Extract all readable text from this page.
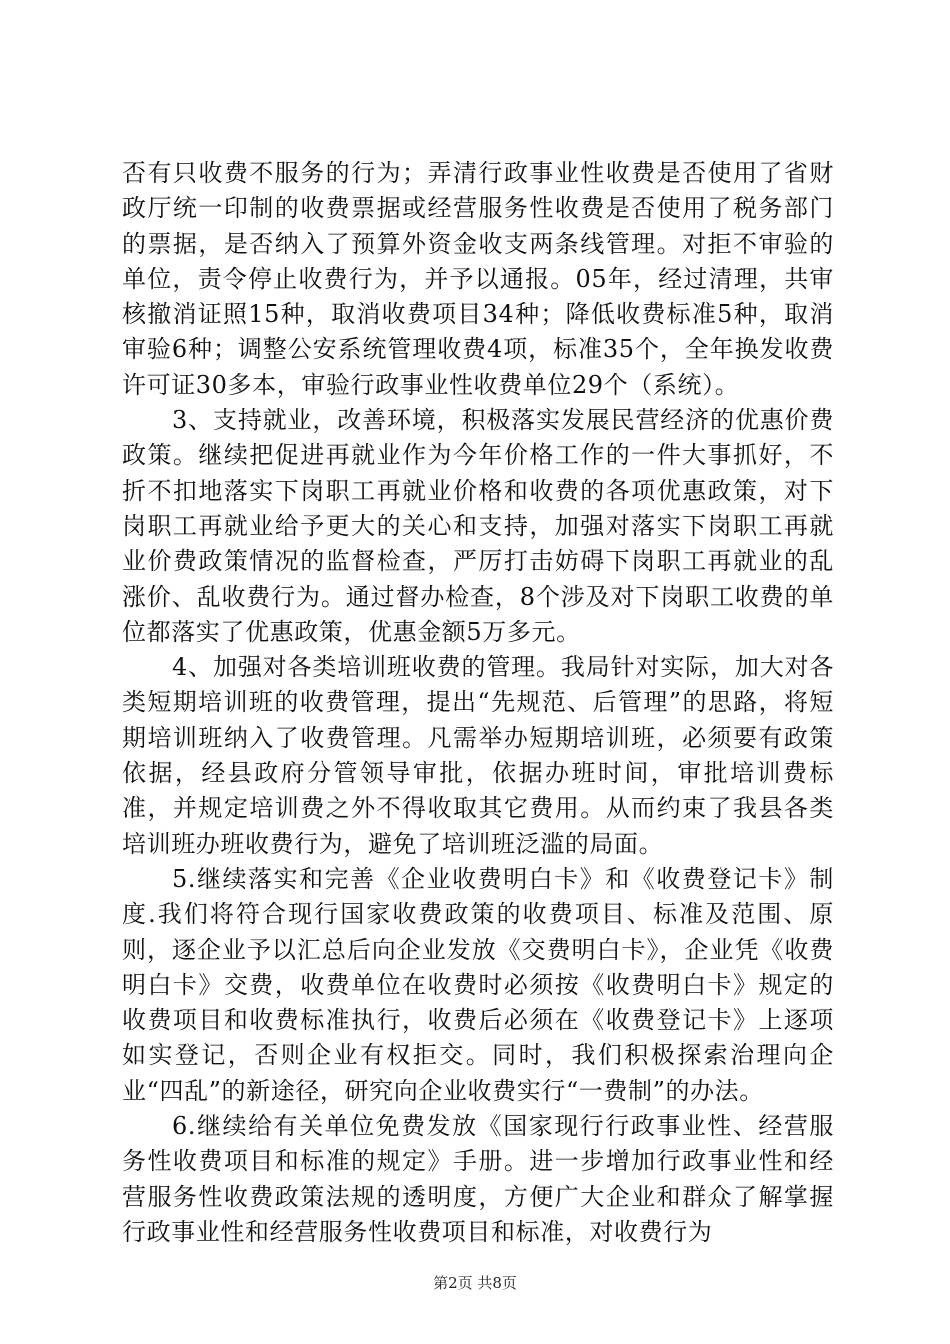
否有只收费不服务的行为；弄清行政事业性收费是否使用了省财政厅统一印制的收费票据或经营服务性收费是否使用了税务部门的票据，是否纳入了预算外资金收支两条线管理。对拒不审验的单位，责令停止收费行为，并予以通报。05年，经过清理，共审核撤消证照15种，取消收费项目34种；降低收费标准5种，取消审验6种；调整公安系统管理收费4项，标准35个，全年换发收费许可证30多本，审验行政事业性收费单位29个（系统）。

3、支持就业，改善环境，积极落实发展民营经济的优惠价费政策。继续把促进再就业作为今年价格工作的一件大事抓好，不折不扣地落实下岗职工再就业价格和收费的各项优惠政策，对下岗职工再就业给予更大的关心和支持，加强对落实下岗职工再就业价费政策情况的监督检查，严厉打击妨碍下岗职工再就业的乱涨价、乱收费行为。通过督办检查，8个涉及对下岗职工收费的单位都落实了优惠政策，优惠金额5万多元。

4、加强对各类培训班收费的管理。我局针对实际，加大对各类短期培训班的收费管理，提出“先规范、后管理”的思路，将短期培训班纳入了收费管理。凡需举办短期培训班，必须要有政策依据，经县政府分管领导审批，依据办班时间，审批培训费标准，并规定培训费之外不得收取其它费用。从而约束了我县各类培训班办班收费行为，避免了培训班泛滥的局面。

5.继续落实和完善《企业收费明白卡》和《收费登记卡》制度.我们将符合现行国家收费政策的收费项目、标准及范围、原则，逐企业予以汇总后向企业发放《交费明白卡》，企业凭《收费明白卡》交费，收费单位在收费时必须按《收费明白卡》规定的收费项目和收费标准执行，收费后必须在《收费登记卡》上逐项如实登记，否则企业有权拒交。同时，我们积极探索治理向企业“四乱”的新途径，研究向企业收费实行“一费制”的办法。

6.继续给有关单位免费发放《国家现行行政事业性、经营服务性收费项目和标准的规定》手册。进一步增加行政事业性和经营服务性收费政策法规的透明度，方便广大企业和群众了解掌握行政事业性和经营服务性收费项目和标准，对收费行为

第2页 共8页
